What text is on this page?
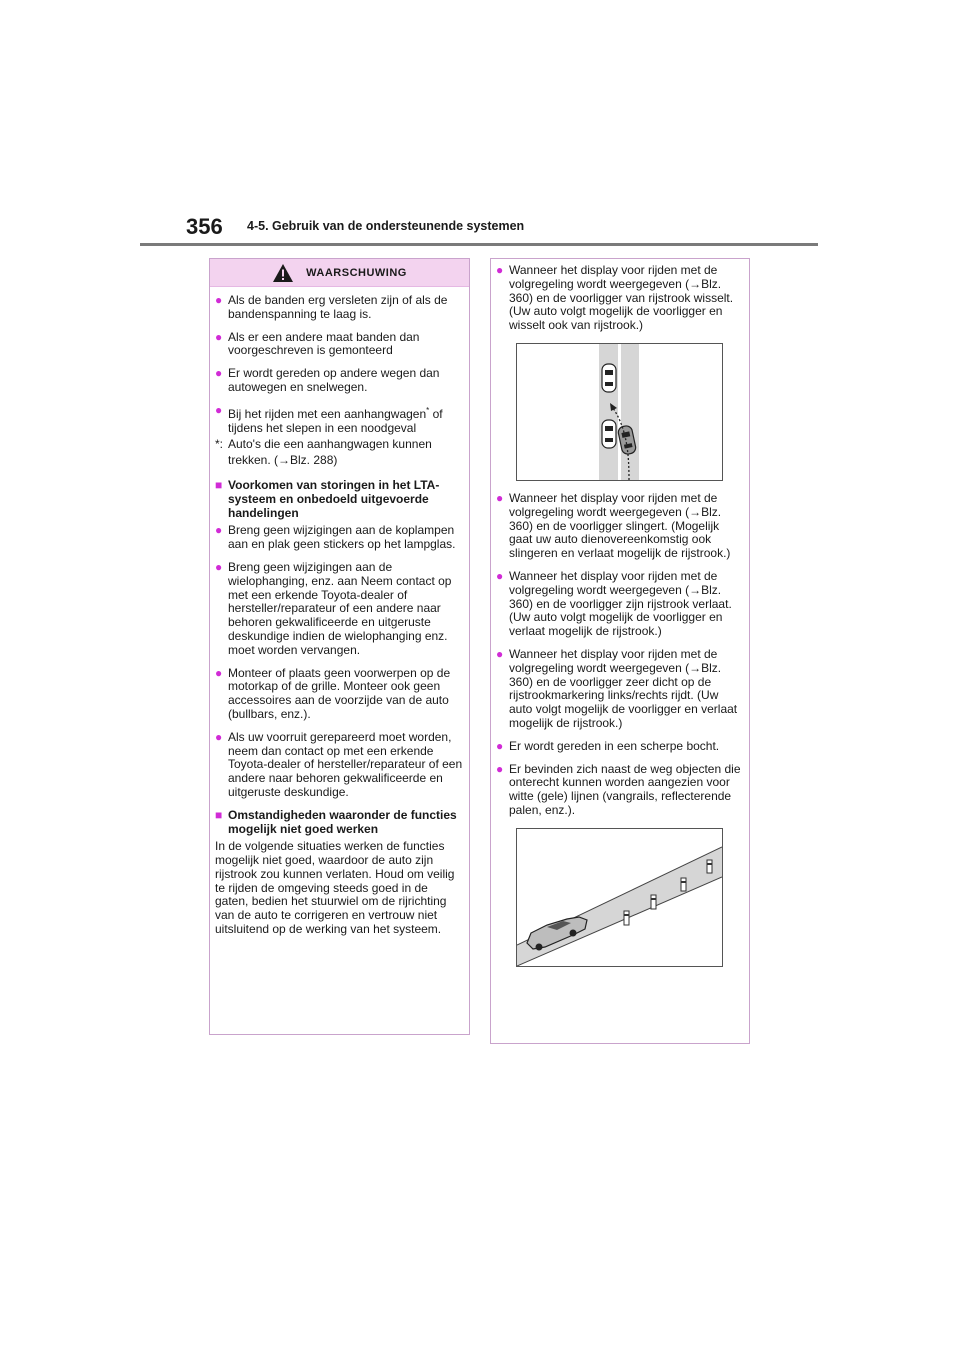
356 4-5. Gebruik van de ondersteunende systemen
WAARSCHUWING
● Als de banden erg versleten zijn of als de bandenspanning te laag is.
● Als er een andere maat banden dan voorgeschreven is gemonteerd
● Er wordt gereden op andere wegen dan autowegen en snelwegen.
● Bij het rijden met een aanhangwagen* of tijdens het slepen in een noodgeval
*: Auto's die een aanhangwagen kunnen
trekken. (→Blz. 288)
■ Voorkomen van storingen in het LTA-systeem en onbedoeld uitgevoerde handelingen
● Breng geen wijzigingen aan de koplampen aan en plak geen stickers op het lampglas.
● Breng geen wijzigingen aan de wielophanging, enz. aan Neem contact op met een erkende Toyota-dealer of hersteller/reparateur of een andere naar behoren gekwalificeerde en uitgeruste deskundige indien de wielophanging enz. moet worden vervangen.
● Monteer of plaats geen voorwerpen op de motorkap of de grille. Monteer ook geen accessoires aan de voorzijde van de auto (bullbars, enz.).
● Als uw voorruit gerepareerd moet worden, neem dan contact op met een erkende Toyota-dealer of hersteller/reparateur of een andere naar behoren gekwalificeerde en uitgeruste deskundige.
■ Omstandigheden waaronder de functies mogelijk niet goed werken
In de volgende situaties werken de functies mogelijk niet goed, waardoor de auto zijn rijstrook zou kunnen verlaten. Houd om veilig te rijden de omgeving steeds goed in de gaten, bedien het stuurwiel om de rijrichting van de auto te corrigeren en vertrouw niet uitsluitend op de werking van het systeem.
● Wanneer het display voor rijden met de volgregeling wordt weergegeven (→Blz. 360) en de voorligger van rijstrook wisselt. (Uw auto volgt mogelijk de voorligger en wisselt ook van rijstrook.)
● Wanneer het display voor rijden met de volgregeling wordt weergegeven (→Blz. 360) en de voorligger slingert. (Mogelijk gaat uw auto dienovereenkomstig ook slingeren en verlaat mogelijk de rijstrook.)
● Wanneer het display voor rijden met de volgregeling wordt weergegeven (→Blz. 360) en de voorligger zijn rijstrook verlaat. (Uw auto volgt mogelijk de voorligger en verlaat mogelijk de rijstrook.)
● Wanneer het display voor rijden met de volgregeling wordt weergegeven (→Blz. 360) en de voorligger zeer dicht op de rijstrookmarkering links/rechts rijdt. (Uw auto volgt mogelijk de voorligger en verlaat mogelijk de rijstrook.)
● Er wordt gereden in een scherpe bocht.
● Er bevinden zich naast de weg objecten die onterecht kunnen worden aangezien voor witte (gele) lijnen (vangrails, reflecterende palen, enz.).
